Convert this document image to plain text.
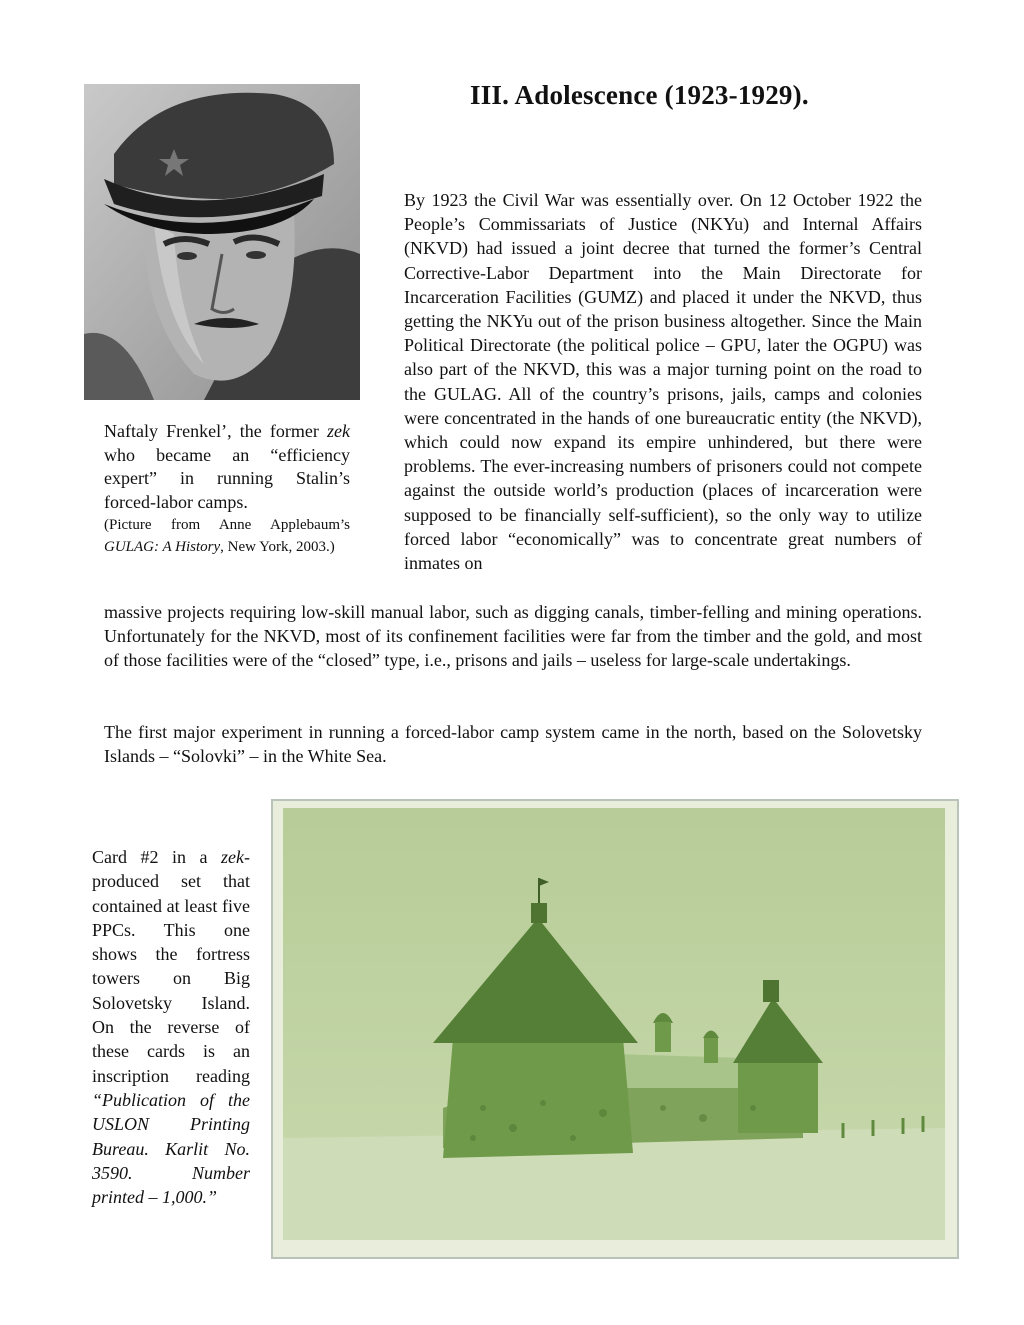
III. Adolescence (1923-1929).
Naftaly Frenkel’, the former zek who became an “efficiency expert” in running Stalin’s forced-labor camps.
(Picture from Anne Applebaum’s GULAG: A History, New York, 2003.)

By 1923 the Civil War was essentially over. On 12 October 1922 the People’s Commissariats of Justice (NKYu) and Internal Affairs (NKVD) had issued a joint decree that turned the former’s Central Corrective-Labor Department into the Main Directorate for Incarceration Facilities (GUMZ) and placed it under the NKVD, thus getting the NKYu out of the prison business altogether. Since the Main Political Directorate (the political police – GPU, later the OGPU) was also part of the NKVD, this was a major turning point on the road to the GULAG. All of the country’s prisons, jails, camps and colonies were concentrated in the hands of one bureaucratic entity (the NKVD), which could now expand its empire unhindered, but there were problems. The ever-increasing numbers of prisoners could not compete against the outside world’s production (places of incarceration were supposed to be financially self-sufficient), so the only way to utilize forced labor “economically” was to concentrate great numbers of inmates on

massive projects requiring low-skill manual labor, such as digging canals, timber-felling and mining operations. Unfortunately for the NKVD, most of its confinement facilities were far from the timber and the gold, and most of those facilities were of the “closed” type, i.e., prisons and jails – useless for large-scale undertakings.

The first major experiment in running a forced-labor camp system came in the north, based on the Solovetsky Islands – “Solovki” – in the White Sea.

Card #2 in a zek-produced set that contained at least five PPCs. This one shows the fortress towers on Big Solovetsky Island. On the reverse of these cards is an inscription reading “Publication of the USLON Printing Bureau. Karlit No. 3590. Number printed – 1,000.”
